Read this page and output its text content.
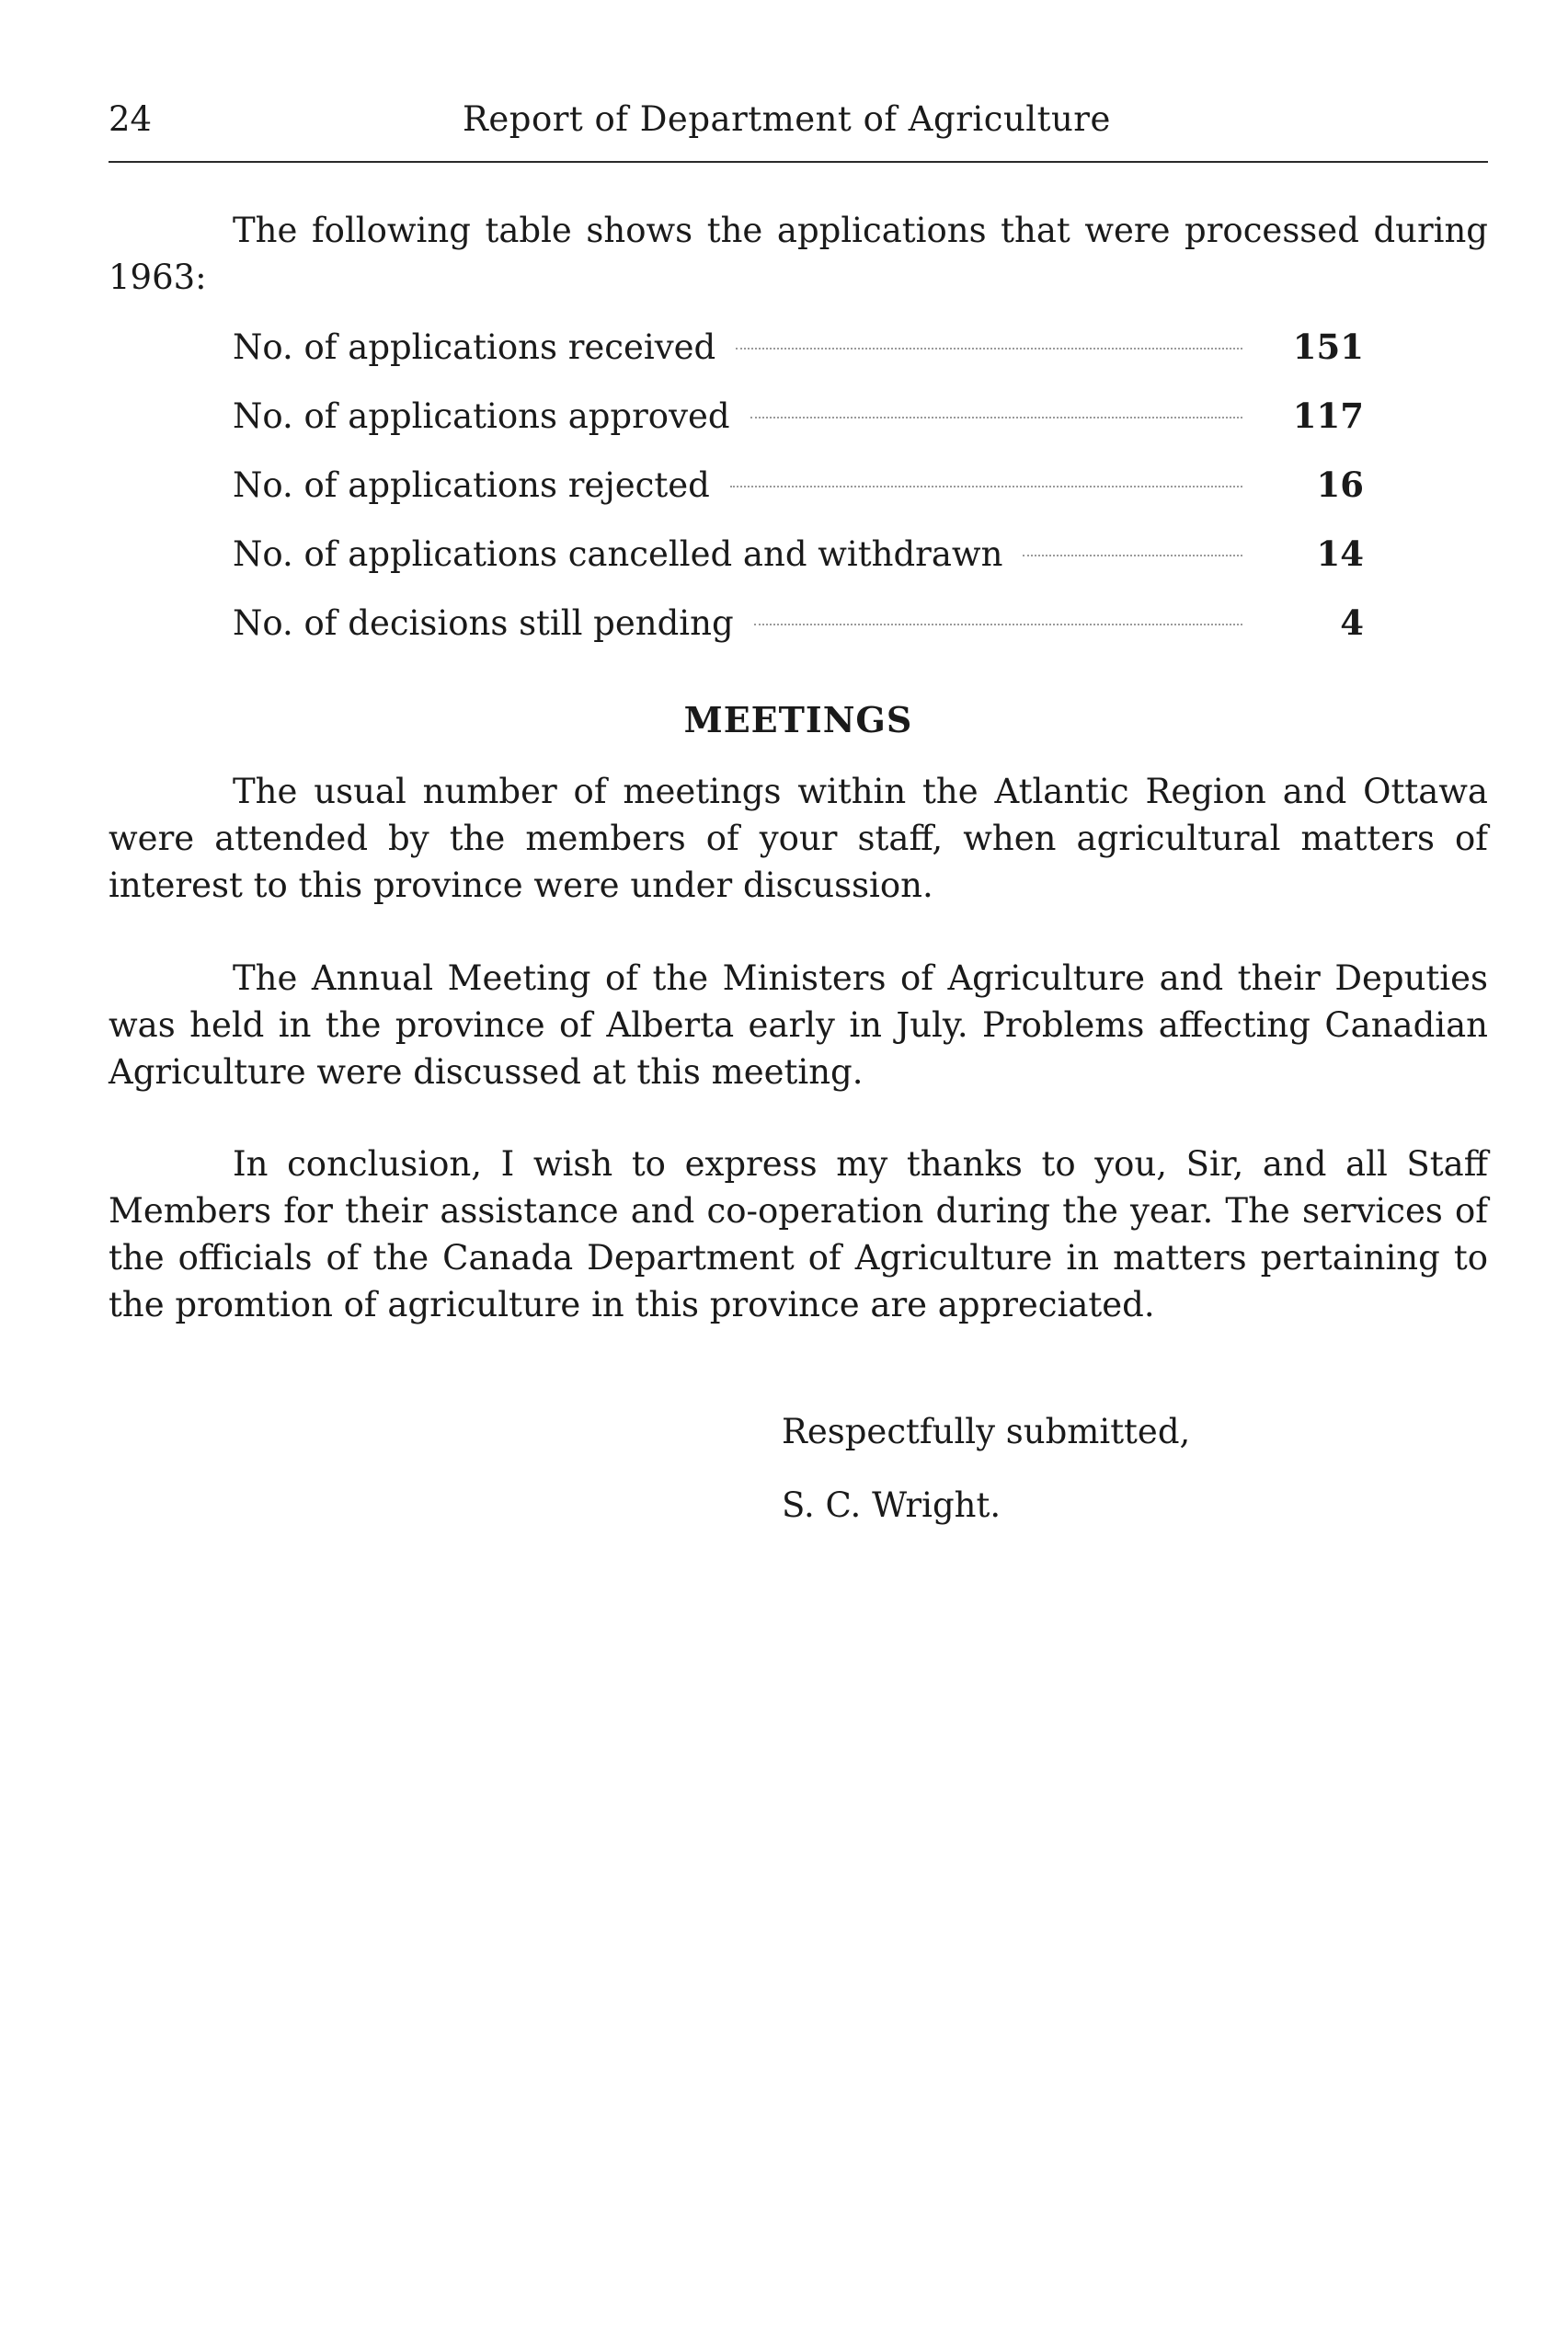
24	Report of Department of Agriculture

The following table shows the applications that were processed during 1963:

No. of applications received	151
No. of applications approved	117
No. of applications rejected	16
No. of applications cancelled and withdrawn	14
No. of decisions still pending	4
MEETINGS

The usual number of meetings within the Atlantic Region and Ottawa were attended by the members of your staff, when agricultural matters of interest to this province were under discussion.

The Annual Meeting of the Ministers of Agriculture and their Deputies was held in the province of Alberta early in July. Problems affecting Canadian Agriculture were discussed at this meeting.

In conclusion, I wish to express my thanks to you, Sir, and all Staff Members for their assistance and co-operation during the year. The services of the officials of the Canada Department of Agriculture in matters pertaining to the promtion of agriculture in this province are appreciated.

Respectfully submitted,
S. C. Wright.
